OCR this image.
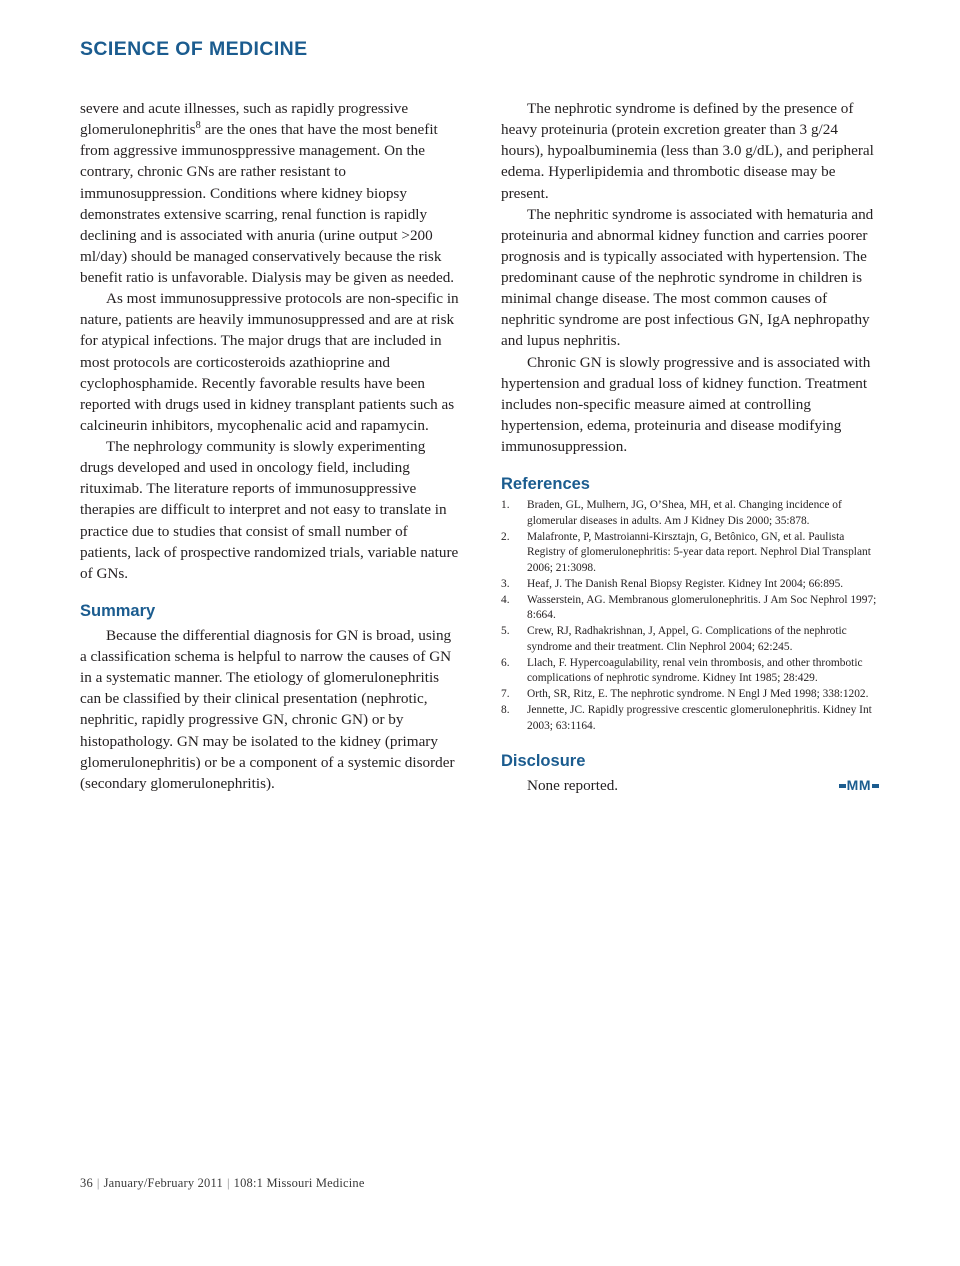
SCIENCE OF MEDICINE

severe and acute illnesses, such as rapidly progressive glomerulonephritis$^8$ are the ones that have the most benefit from aggressive immunosppressive management. On the contrary, chronic GNs are rather resistant to immunosuppression. Conditions where kidney biopsy demonstrates extensive scarring, renal function is rapidly declining and is associated with anuria (urine output >200 ml/day) should be managed conservatively because the risk benefit ratio is unfavorable. Dialysis may be given as needed.

As most immunosuppressive protocols are non-specific in nature, patients are heavily immunosuppressed and are at risk for atypical infections. The major drugs that are included in most protocols are corticosteroids azathioprine and cyclophosphamide. Recently favorable results have been reported with drugs used in kidney transplant patients such as calcineurin inhibitors, mycophenalic acid and rapamycin.

The nephrology community is slowly experimenting drugs developed and used in oncology field, including rituximab. The literature reports of immunosuppressive therapies are difficult to interpret and not easy to translate in practice due to studies that consist of small number of patients, lack of prospective randomized trials, variable nature of GNs.

Summary

Because the differential diagnosis for GN is broad, using a classification schema is helpful to narrow the causes of GN in a systematic manner. The etiology of glomerulonephritis can be classified by their clinical presentation (nephrotic, nephritic, rapidly progressive GN, chronic GN) or by histopathology. GN may be isolated to the kidney (primary glomerulonephritis) or be a component of a systemic disorder (secondary glomerulonephritis).

The nephrotic syndrome is defined by the presence of heavy proteinuria (protein excretion greater than 3 g/24 hours), hypoalbuminemia (less than 3.0 g/dL), and peripheral edema. Hyperlipidemia and thrombotic disease may be present.

The nephritic syndrome is associated with hematuria and proteinuria and abnormal kidney function and carries poorer prognosis and is typically associated with hypertension. The predominant cause of the nephrotic syndrome in children is minimal change disease. The most common causes of nephritic syndrome are post infectious GN, IgA nephropathy and lupus nephritis.

Chronic GN is slowly progressive and is associated with hypertension and gradual loss of kidney function. Treatment includes non-specific measure aimed at controlling hypertension, edema, proteinuria and disease modifying immunosuppression.

References
1.	Braden, GL, Mulhern, JG, O’Shea, MH, et al. Changing incidence of glomerular diseases in adults. Am J Kidney Dis 2000; 35:878.
2.	Malafronte, P, Mastroianni-Kirsztajn, G, Betônico, GN, et al. Paulista Registry of glomerulonephritis: 5-year data report. Nephrol Dial Transplant 2006; 21:3098.
3.	Heaf, J. The Danish Renal Biopsy Register. Kidney Int 2004; 66:895.
4.	Wasserstein, AG. Membranous glomerulonephritis. J Am Soc Nephrol 1997; 8:664.
5.	Crew, RJ, Radhakrishnan, J, Appel, G. Complications of the nephrotic syndrome and their treatment. Clin Nephrol 2004; 62:245.
6.	Llach, F. Hypercoagulability, renal vein thrombosis, and other thrombotic complications of nephrotic syndrome. Kidney Int 1985; 28:429.
7.	Orth, SR, Ritz, E. The nephrotic syndrome. N Engl J Med 1998; 338:1202.
8.	Jennette, JC. Rapidly progressive crescentic glomerulonephritis. Kidney Int 2003; 63:1164.
Disclosure
None reported.	MM
36 | January/February 2011 | 108:1 Missouri Medicine
